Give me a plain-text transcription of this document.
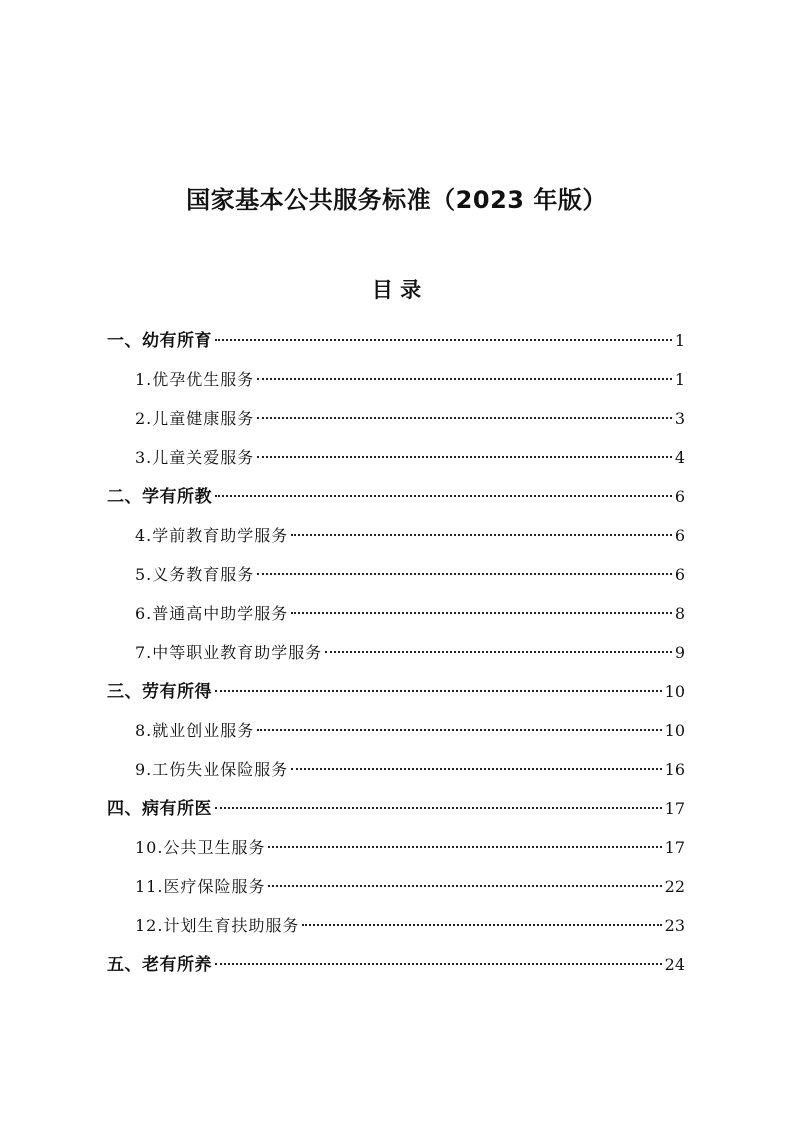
国家基本公共服务标准（2023 年版）
目 录
一、幼有所育	1
1.优孕优生服务	1
2.儿童健康服务	3
3.儿童关爱服务	4
二、学有所教	6
4.学前教育助学服务	6
5.义务教育服务	6
6.普通高中助学服务	8
7.中等职业教育助学服务	9
三、劳有所得	10
8.就业创业服务	10
9.工伤失业保险服务	16
四、病有所医	17
10.公共卫生服务	17
11.医疗保险服务	22
12.计划生育扶助服务	23
五、老有所养	24
